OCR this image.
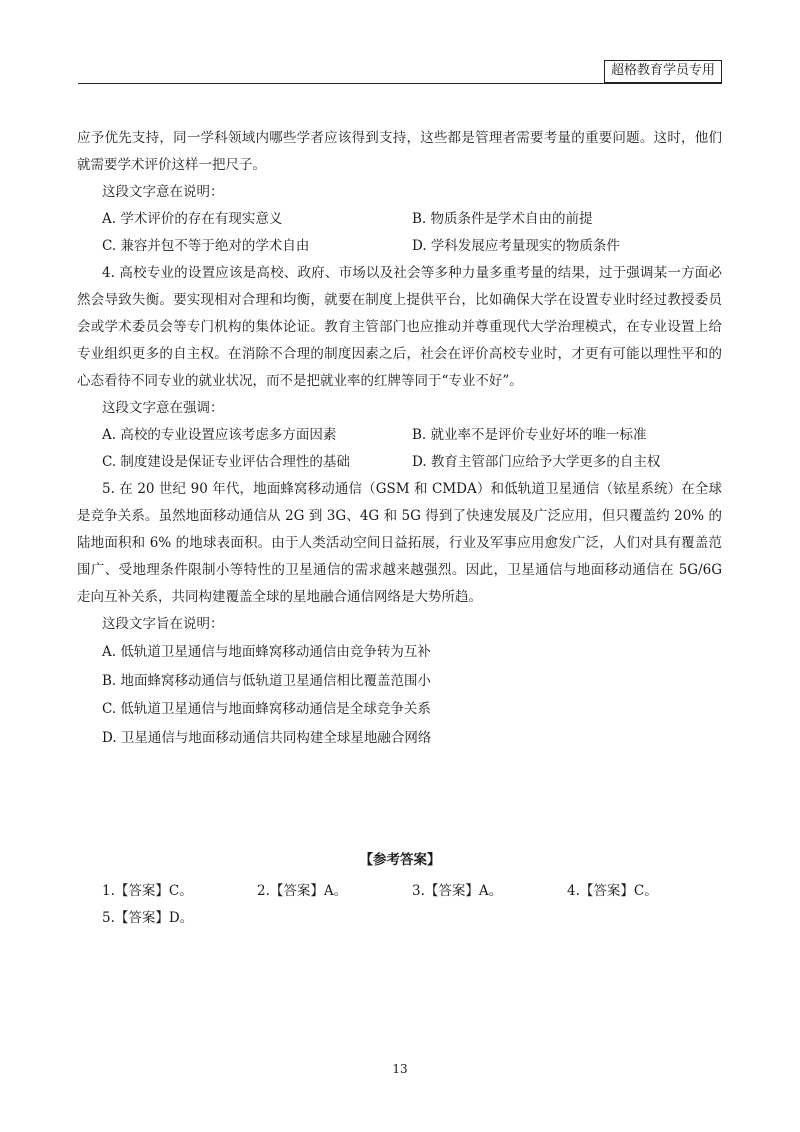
超格教育学员专用

应予优先支持，同一学科领域内哪些学者应该得到支持，这些都是管理者需要考量的重要问题。这时，他们就需要学术评价这样一把尺子。

这段文字意在说明：

A. 学术评价的存在有现实意义	B. 物质条件是学术自由的前提
C. 兼容并包不等于绝对的学术自由	D. 学科发展应考量现实的物质条件

4. 高校专业的设置应该是高校、政府、市场以及社会等多种力量多重考量的结果，过于强调某一方面必然会导致失衡。要实现相对合理和均衡，就要在制度上提供平台，比如确保大学在设置专业时经过教授委员会或学术委员会等专门机构的集体论证。教育主管部门也应推动并尊重现代大学治理模式，在专业设置上给专业组织更多的自主权。在消除不合理的制度因素之后，社会在评价高校专业时，才更有可能以理性平和的心态看待不同专业的就业状况，而不是把就业率的红牌等同于“专业不好”。

这段文字意在强调：

A. 高校的专业设置应该考虑多方面因素	B. 就业率不是评价专业好坏的唯一标准
C. 制度建设是保证专业评估合理性的基础	D. 教育主管部门应给予大学更多的自主权

5. 在 20 世纪 90 年代，地面蜂窝移动通信（GSM 和 CMDA）和低轨道卫星通信（铱星系统）在全球是竞争关系。虽然地面移动通信从 2G 到 3G、4G 和 5G 得到了快速发展及广泛应用，但只覆盖约 20% 的陆地面积和 6% 的地球表面积。由于人类活动空间日益拓展，行业及军事应用愈发广泛，人们对具有覆盖范围广、受地理条件限制小等特性的卫星通信的需求越来越强烈。因此，卫星通信与地面移动通信在 5G/6G 走向互补关系，共同构建覆盖全球的星地融合通信网络是大势所趋。

这段文字旨在说明：

A. 低轨道卫星通信与地面蜂窝移动通信由竞争转为互补
B. 地面蜂窝移动通信与低轨道卫星通信相比覆盖范围小
C. 低轨道卫星通信与地面蜂窝移动通信是全球竞争关系
D. 卫星通信与地面移动通信共同构建全球星地融合网络
【参考答案】
1.【答案】C。	2.【答案】A。	3.【答案】A。	4.【答案】C。
5.【答案】D。
13
